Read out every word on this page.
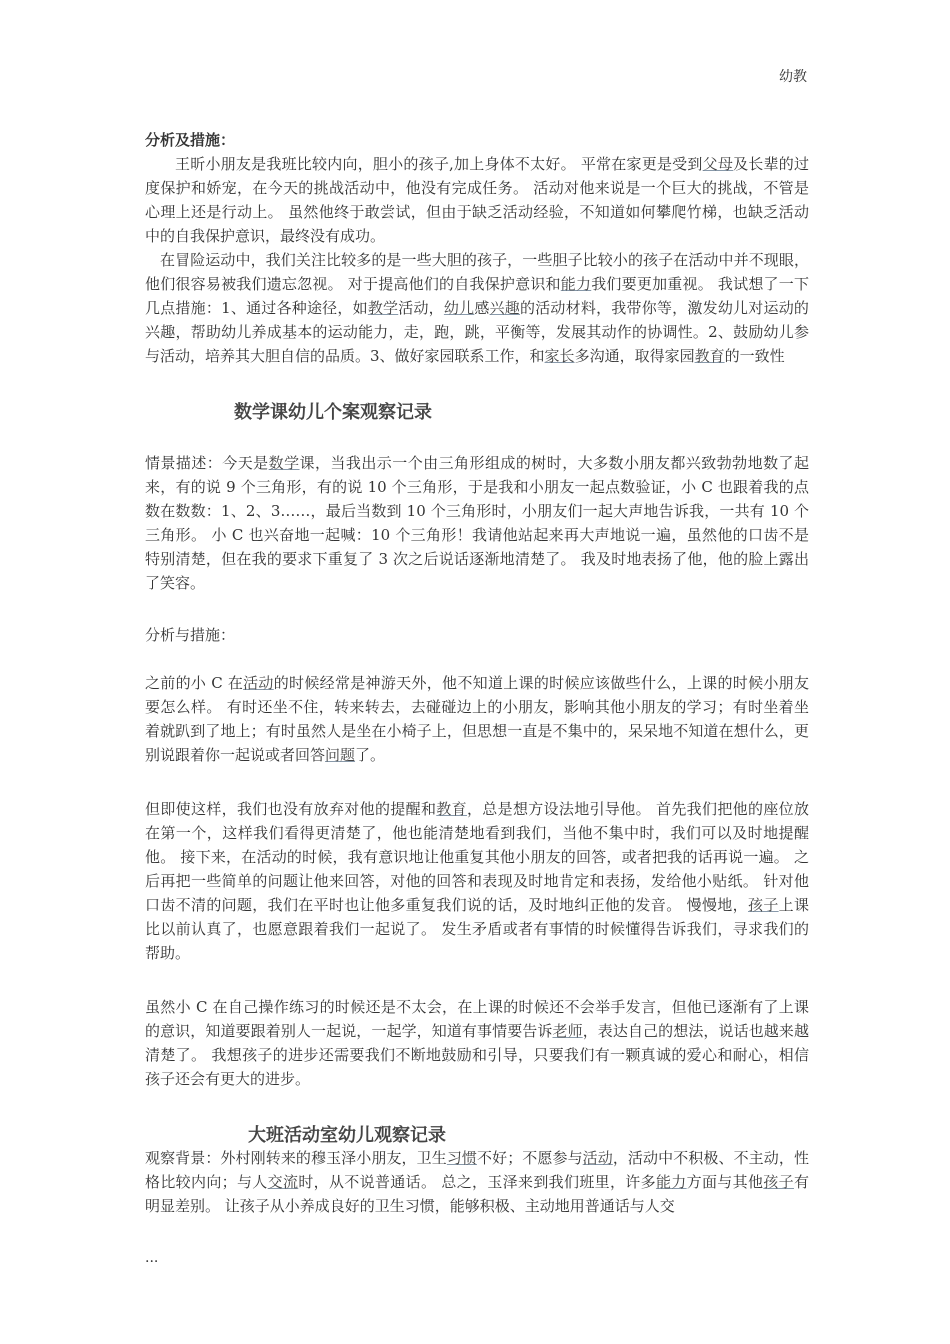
幼教

分析及措施：

王昕小朋友是我班比较内向，胆小的孩子,加上身体不太好。 平常在家更是受到父母及长辈的过度保护和娇宠，在今天的挑战活动中，他没有完成任务。 活动对他来说是一个巨大的挑战，不管是心理上还是行动上。 虽然他终于敢尝试，但由于缺乏活动经验，不知道如何攀爬竹梯，也缺乏活动中的自我保护意识，最终没有成功。

在冒险运动中，我们关注比较多的是一些大胆的孩子，一些胆子比较小的孩子在活动中并不现眼，他们很容易被我们遗忘忽视。 对于提高他们的自我保护意识和能力我们要更加重视。 我试想了一下几点措施：1、通过各种途径，如教学活动，幼儿感兴趣的活动材料，我带你等，激发幼儿对运动的兴趣，帮助幼儿养成基本的运动能力，走，跑，跳，平衡等，发展其动作的协调性。2、鼓励幼儿参与活动，培养其大胆自信的品质。3、做好家园联系工作，和家长多沟通，取得家园教育的一致性

数学课幼儿个案观察记录

情景描述：今天是数学课，当我出示一个由三角形组成的树时，大多数小朋友都兴致勃勃地数了起来，有的说 9 个三角形，有的说 10 个三角形，于是我和小朋友一起点数验证，小 C 也跟着我的点数在数数：1、2、3……，最后当数到 10 个三角形时，小朋友们一起大声地告诉我，一共有 10 个三角形。 小 C 也兴奋地一起喊：10 个三角形！我请他站起来再大声地说一遍，虽然他的口齿不是特别清楚，但在我的要求下重复了 3 次之后说话逐渐地清楚了。 我及时地表扬了他，他的脸上露出了笑容。

分析与措施：

之前的小 C 在活动的时候经常是神游天外，他不知道上课的时候应该做些什么，上课的时候小朋友要怎么样。 有时还坐不住，转来转去，去碰碰边上的小朋友，影响其他小朋友的学习；有时坐着坐着就趴到了地上；有时虽然人是坐在小椅子上，但思想一直是不集中的，呆呆地不知道在想什么，更别说跟着你一起说或者回答问题了。

但即使这样，我们也没有放弃对他的提醒和教育，总是想方设法地引导他。 首先我们把他的座位放在第一个，这样我们看得更清楚了，他也能清楚地看到我们，当他不集中时，我们可以及时地提醒他。 接下来，在活动的时候，我有意识地让他重复其他小朋友的回答，或者把我的话再说一遍。 之后再把一些简单的问题让他来回答，对他的回答和表现及时地肯定和表扬，发给他小贴纸。 针对他口齿不清的问题，我们在平时也让他多重复我们说的话，及时地纠正他的发音。 慢慢地，孩子上课比以前认真了，也愿意跟着我们一起说了。 发生矛盾或者有事情的时候懂得告诉我们，寻求我们的帮助。

虽然小 C 在自己操作练习的时候还是不太会，在上课的时候还不会举手发言，但他已逐渐有了上课的意识，知道要跟着别人一起说，一起学，知道有事情要告诉老师，表达自己的想法，说话也越来越清楚了。 我想孩子的进步还需要我们不断地鼓励和引导，只要我们有一颗真诚的爱心和耐心，相信孩子还会有更大的进步。

大班活动室幼儿观察记录

观察背景：外村刚转来的穆玉泽小朋友，卫生习惯不好；不愿参与活动，活动中不积极、不主动，性格比较内向；与人交流时，从不说普通话。 总之，玉泽来到我们班里，许多能力方面与其他孩子有明显差别。 让孩子从小养成良好的卫生习惯，能够积极、主动地用普通话与人交

...
